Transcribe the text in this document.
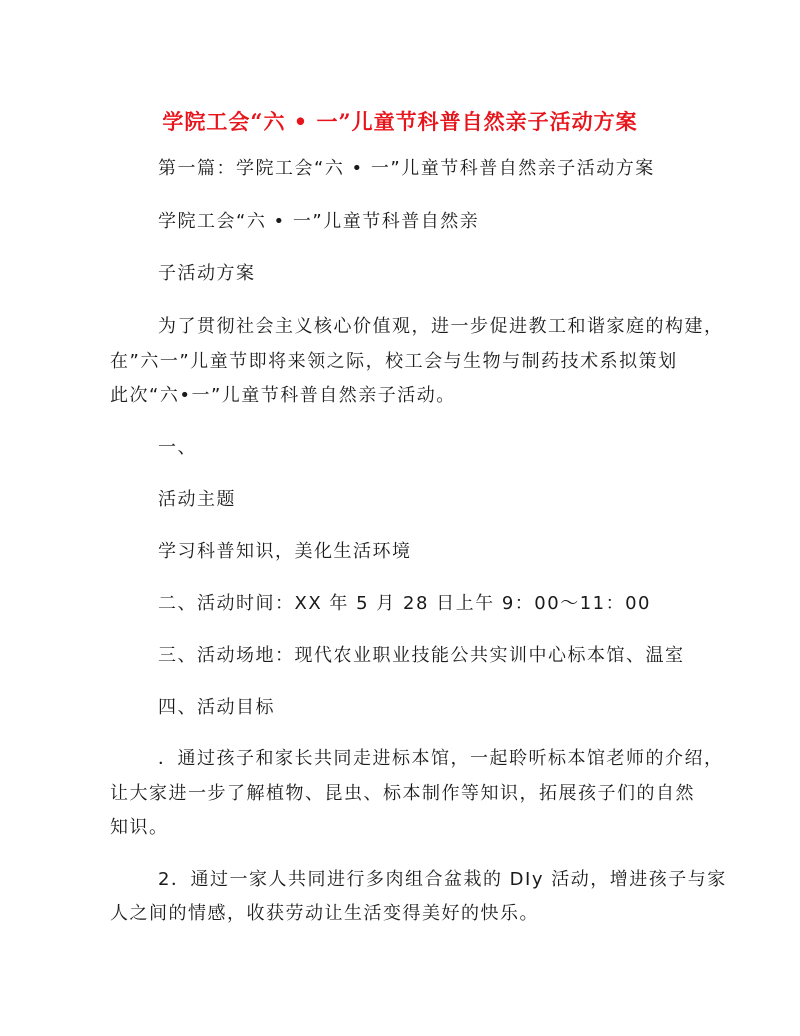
学院工会“六 • 一”儿童节科普自然亲子活动方案
第一篇：学院工会“六 • 一”儿童节科普自然亲子活动方案
学院工会“六 • 一”儿童节科普自然亲
子活动方案
为了贯彻社会主义核心价值观，进一步促进教工和谐家庭的构建，
在”六一”儿童节即将来领之际，校工会与生物与制药技术系拟策划
此次“六•一”儿童节科普自然亲子活动。
一、
活动主题
学习科普知识，美化生活环境
二、活动时间：XX 年 5 月 28 日上午 9：00～11：00
三、活动场地：现代农业职业技能公共实训中心标本馆、温室
四、活动目标
．通过孩子和家长共同走进标本馆，一起聆听标本馆老师的介绍，
让大家进一步了解植物、昆虫、标本制作等知识，拓展孩子们的自然
知识。
2．通过一家人共同进行多肉组合盆栽的 DIy 活动，增进孩子与家
人之间的情感，收获劳动让生活变得美好的快乐。
